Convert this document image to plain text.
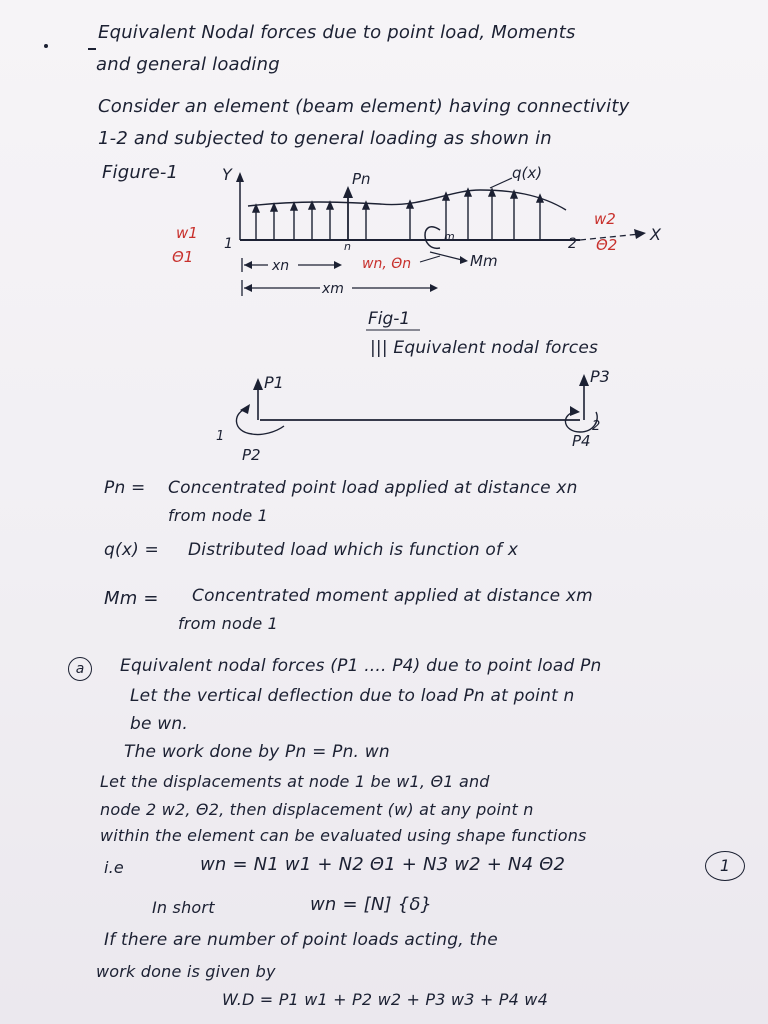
Equivalent Nodal forces due to point load, Moments
and general loading
Consider an element (beam element) having connectivity
1-2 and subjected to general loading as shown in
Figure-1	Y
X
Pn	q(x)
Mm
m
1	2
n
w1
Θ1
w2
Θ2
wn, Θn
xn
xm
Fig-1
||| Equivalent nodal forces
P1
P2
1
P3
P4
2
Pn = Concentrated point load applied at distance xn
from node 1
q(x) = Distributed load which is function of x
Mm = Concentrated moment applied at distance xm
from node 1
a	Equivalent nodal forces (P1 .... P4) due to point load Pn
Let the vertical deflection due to load Pn at point n
be wn.
The work done by Pn = Pn. wn
Let the displacements at node 1 be w1, Θ1 and
node 2 w2, Θ2, then displacement (w) at any point n
within the element can be evaluated using shape functions
i.e	wn = N1 w1 + N2 Θ1 + N3 w2 + N4 Θ2	1
In short	wn = [N] {δ}
If there are number of point loads acting, the
work done is given by
W.D = P1 w1 + P2 w2 + P3 w3 + P4 w4
